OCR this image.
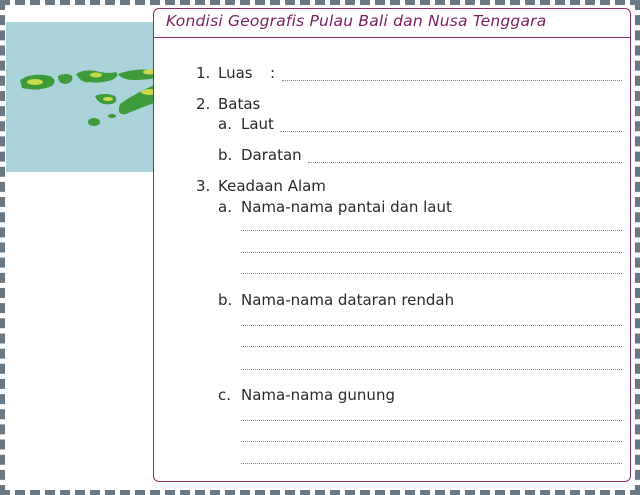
Kondisi Geografis Pulau Bali dan Nusa Tenggara
1. Luas :
2. Batas
a. Laut
b. Daratan
3. Keadaan Alam
a. Nama-nama pantai dan laut
b. Nama-nama dataran rendah
c. Nama-nama gunung
